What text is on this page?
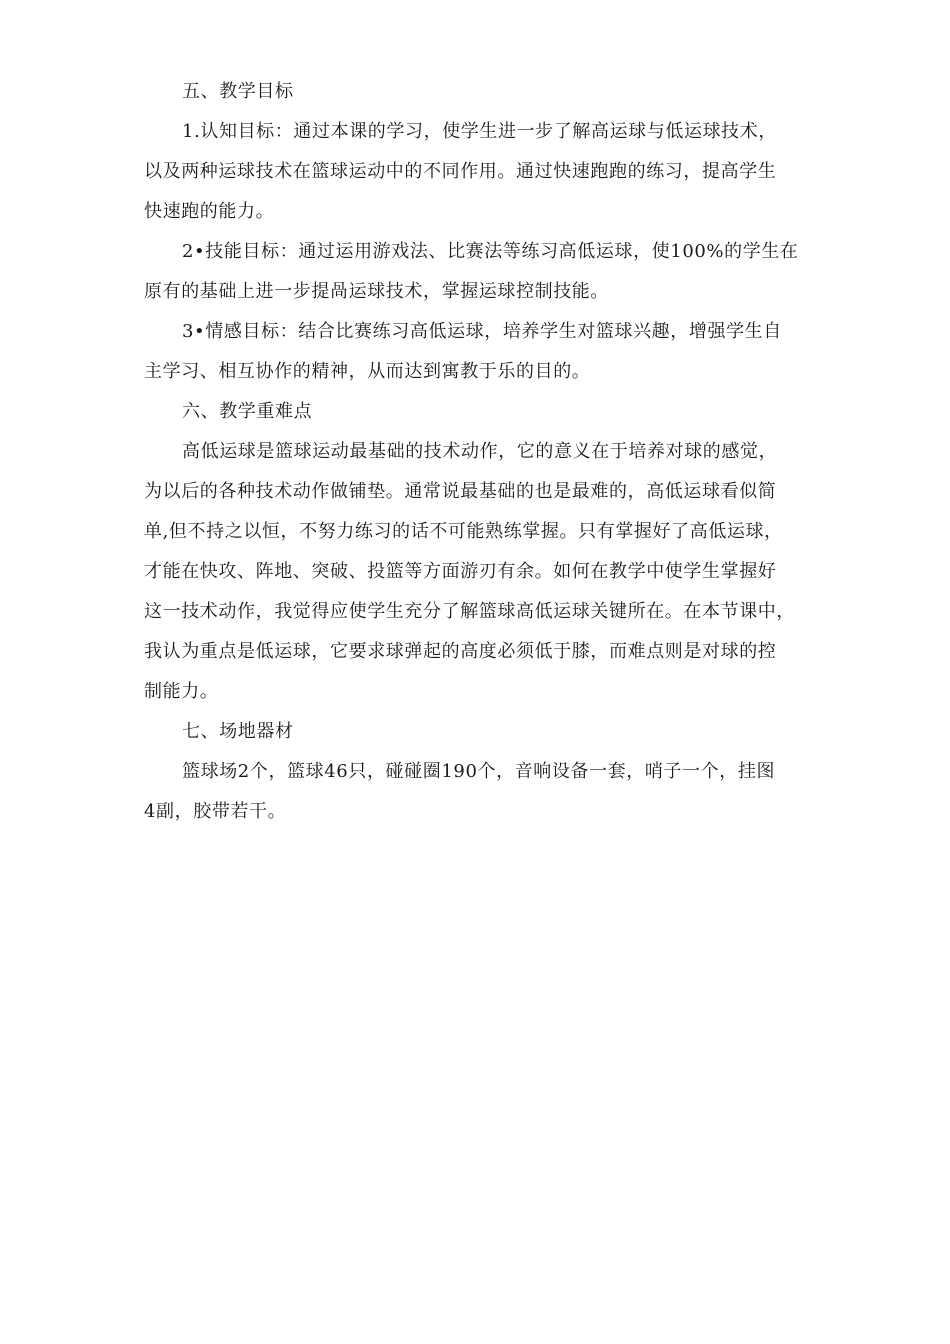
五、教学目标
1.认知目标：通过本课的学习，使学生进一步了解高运球与低运球技术，
以及两种运球技术在篮球运动中的不同作用。通过快速跑跑的练习，提高学生
快速跑的能力。
2•技能目标：通过运用游戏法、比赛法等练习高低运球，使100%的学生在
原有的基础上进一步提咼运球技术，掌握运球控制技能。
3•情感目标：结合比赛练习高低运球，培养学生对篮球兴趣，增强学生自
主学习、相互协作的精神，从而达到寓教于乐的目的。
六、教学重难点
高低运球是篮球运动最基础的技术动作，它的意义在于培养对球的感觉，
为以后的各种技术动作做铺垫。通常说最基础的也是最难的，高低运球看似简
单,但不持之以恒，不努力练习的话不可能熟练掌握。只有掌握好了高低运球，
才能在快攻、阵地、突破、投篮等方面游刃有余。如何在教学中使学生掌握好
这一技术动作，我觉得应使学生充分了解篮球高低运球关键所在。在本节课中，
我认为重点是低运球，它要求球弹起的高度必须低于膝，而难点则是对球的控
制能力。
七、场地器材
篮球场2个，篮球46只，碰碰圈190个，音响设备一套，哨子一个，挂图
4副，胶带若干。
